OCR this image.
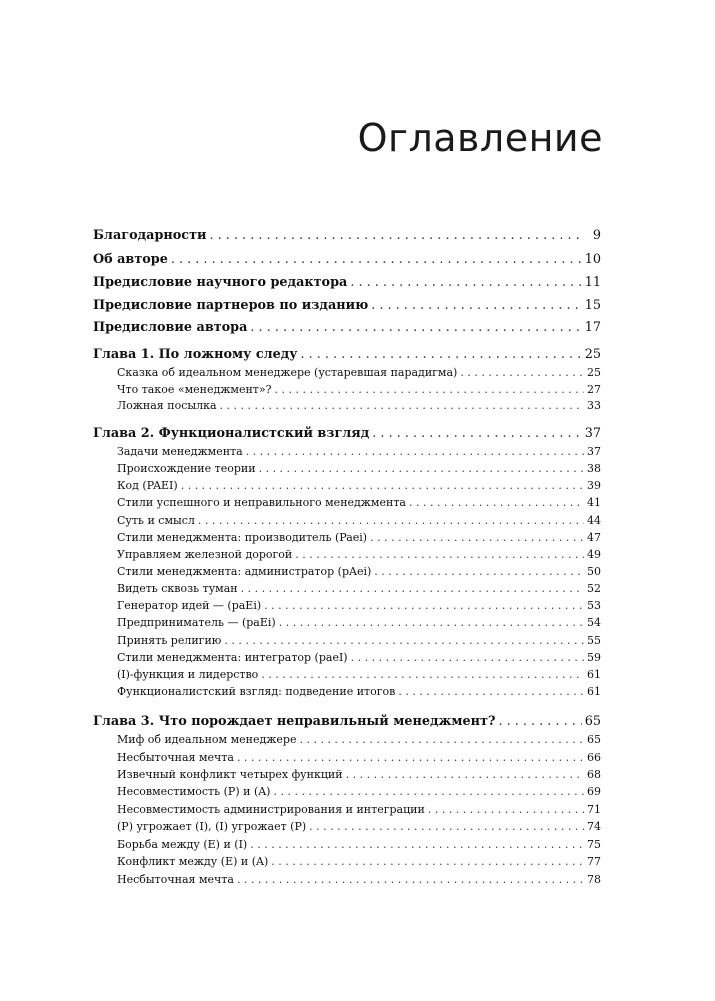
Оглавление
Благодарности . . .	9
Об авторе . . .	10
Предисловие научного редактора . . .	11
Предисловие партнеров по изданию . . .	15
Предисловие автора . . .	17
Глава 1. По ложному следу . . .	25
Сказка об идеальном менеджере (устаревшая парадигма) . . .	25
Что такое «менеджмент»? . . .	27
Ложная посылка . . .	33
Глава 2. Функционалистский взгляд . . .	37
Задачи менеджмента . . .	37
Происхождение теории . . .	38
Код (PAEI) . . .	39
Стили успешного и неправильного менеджмента . . .	41
Суть и смысл . . .	44
Стили менеджмента: производитель (Paei) . . .	47
Управляем железной дорогой . . .	49
Стили менеджмента: администратор (pAei) . . .	50
Видеть сквозь туман . . .	52
Генератор идей — (paEi) . . .	53
Предприниматель — (paEi) . . .	54
Принять религию . . .	55
Стили менеджмента: интегратор (paeI) . . .	59
(I)-функция и лидерство . . .	61
Функционалистский взгляд: подведение итогов . . .	61
Глава 3. Что порождает неправильный менеджмент? . . .	65
Миф об идеальном менеджере . . .	65
Несбыточная мечта . . .	66
Извечный конфликт четырех функций . . .	68
Несовместимость (P) и (A) . . .	69
Несовместимость администрирования и интеграции . . .	71
(P) угрожает (I), (I) угрожает (P) . . .	74
Борьба между (E) и (I) . . .	75
Конфликт между (E) и (A) . . .	77
Несбыточная мечта . . .	78
